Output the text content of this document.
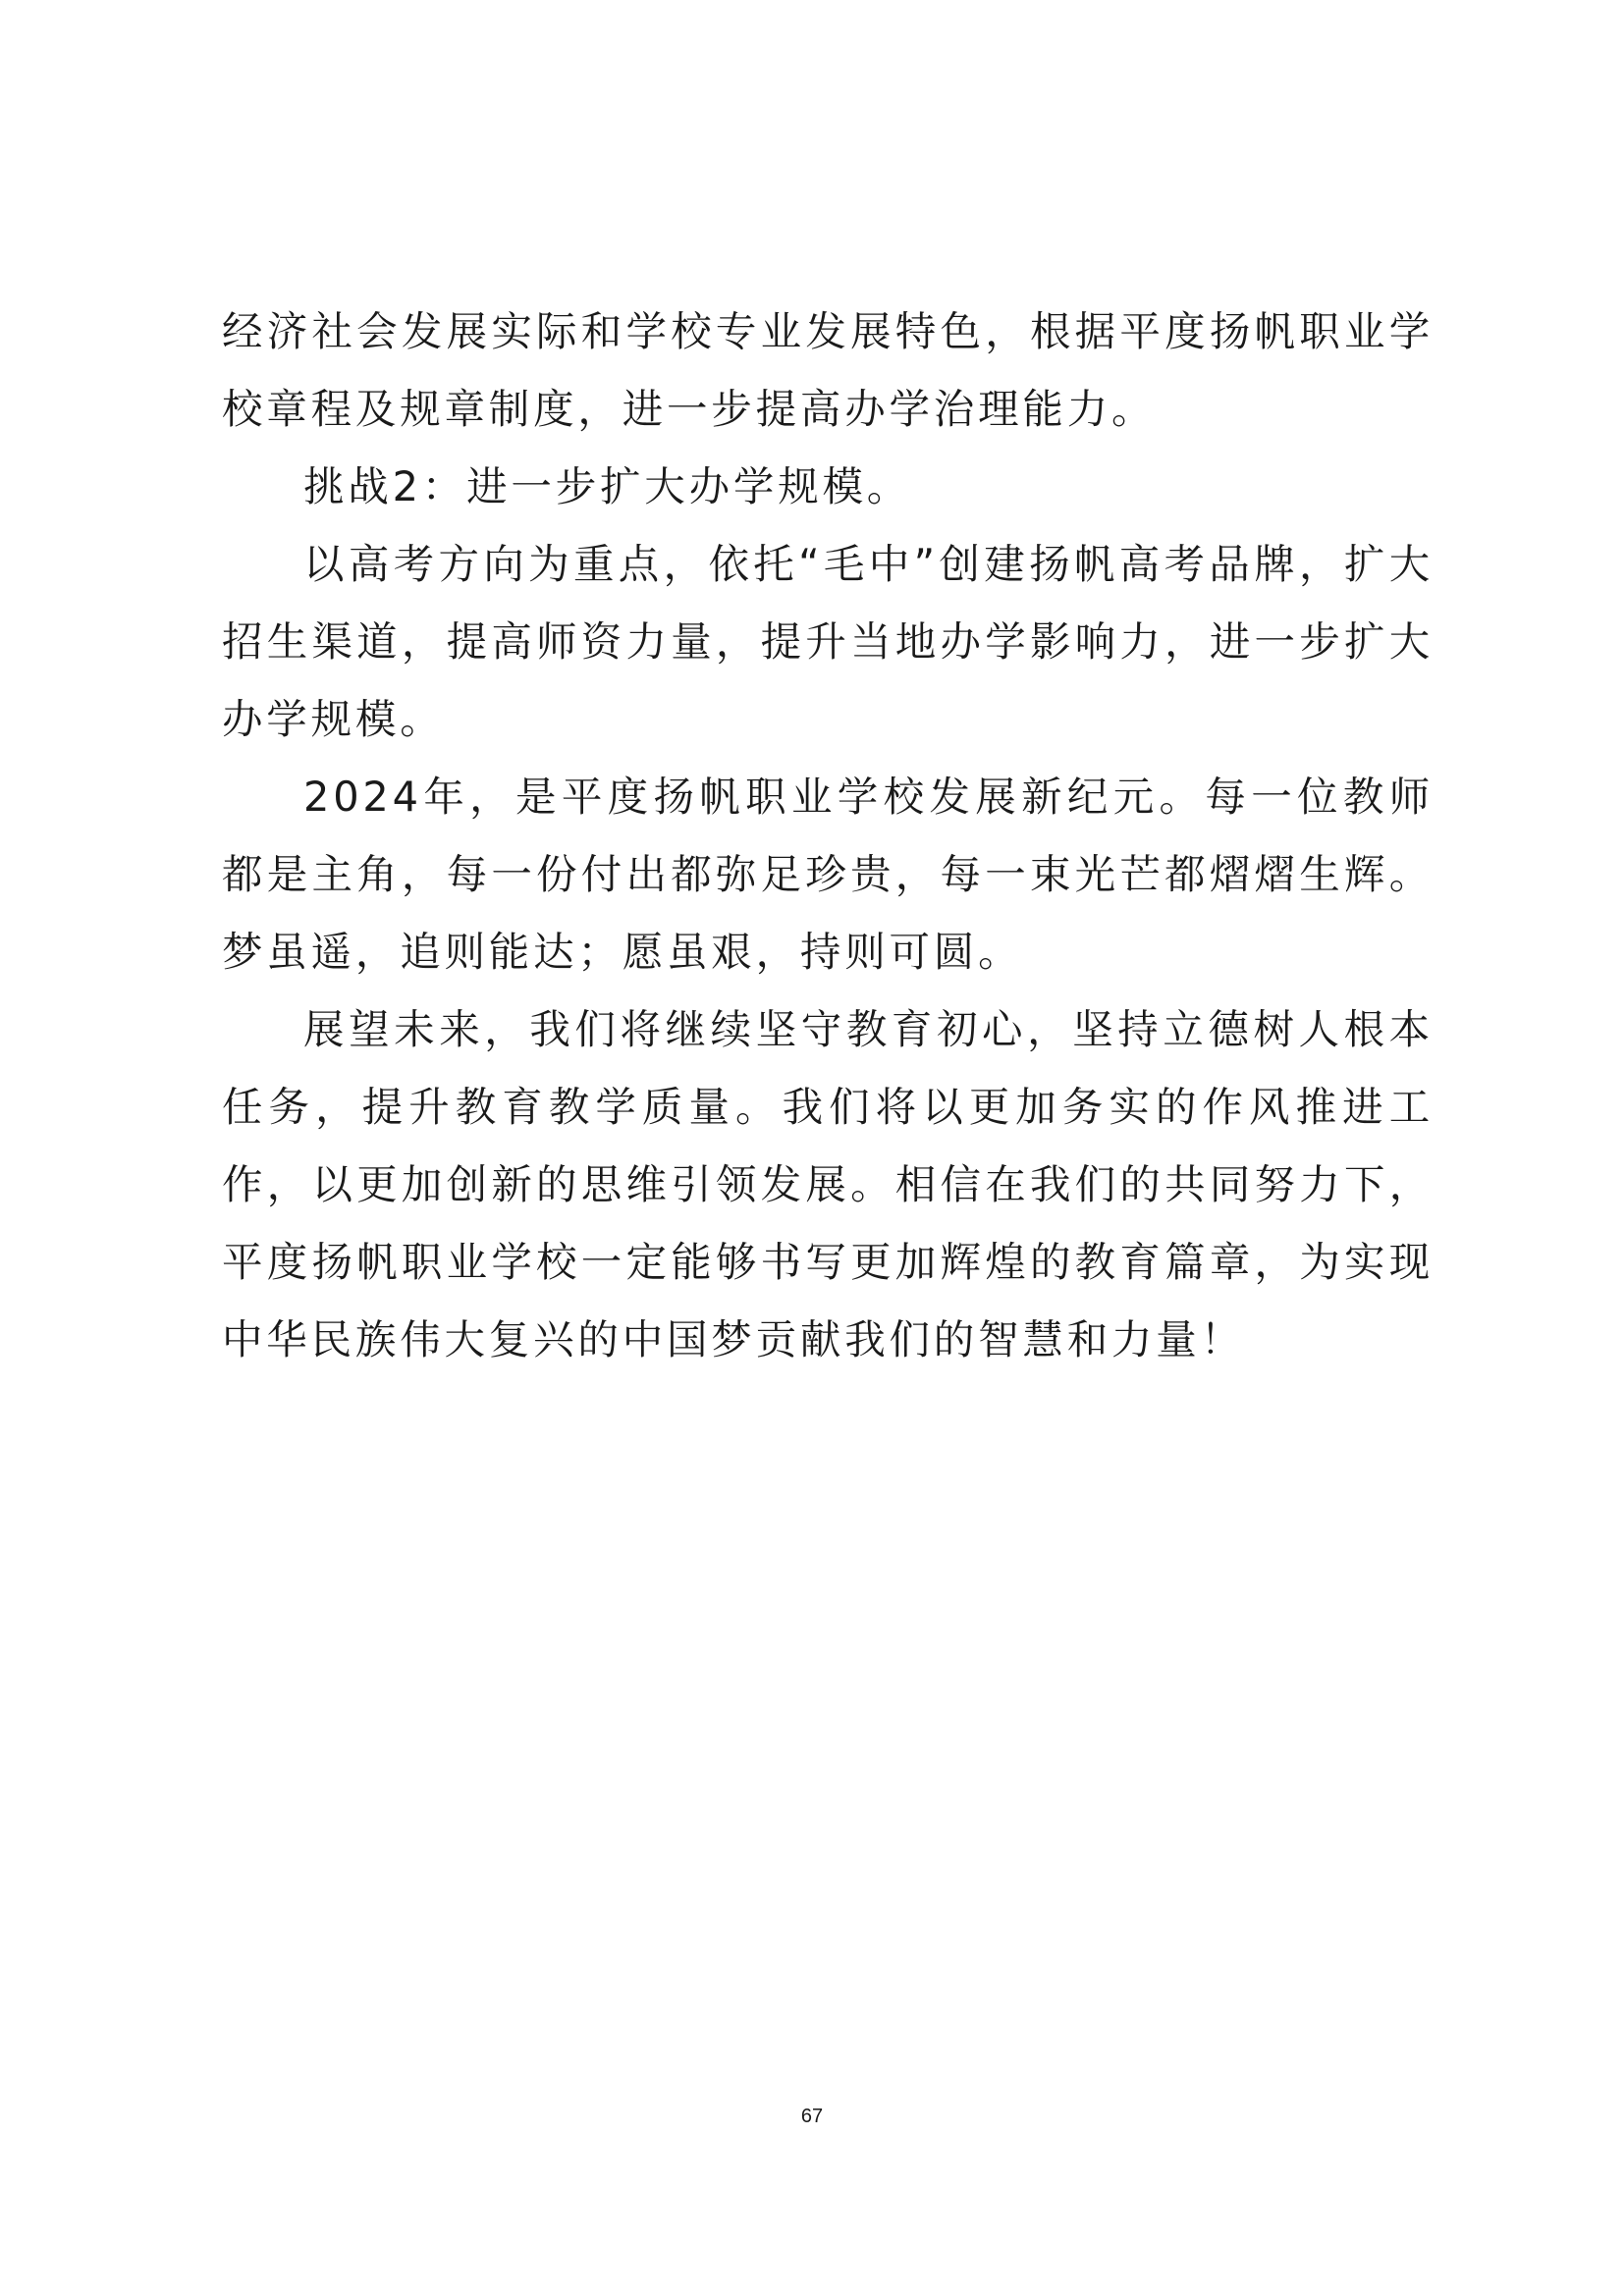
经济社会发展实际和学校专业发展特色，根据平度扬帆职业学校章程及规章制度，进一步提高办学治理能力。

挑战2：进一步扩大办学规模。

以高考方向为重点，依托“毛中”创建扬帆高考品牌，扩大招生渠道，提高师资力量，提升当地办学影响力，进一步扩大办学规模。

2024年，是平度扬帆职业学校发展新纪元。每一位教师都是主角，每一份付出都弥足珍贵，每一束光芒都熠熠生辉。梦虽遥，追则能达；愿虽艰，持则可圆。

展望未来，我们将继续坚守教育初心，坚持立德树人根本任务，提升教育教学质量。我们将以更加务实的作风推进工作，以更加创新的思维引领发展。相信在我们的共同努力下，平度扬帆职业学校一定能够书写更加辉煌的教育篇章，为实现中华民族伟大复兴的中国梦贡献我们的智慧和力量！

67
